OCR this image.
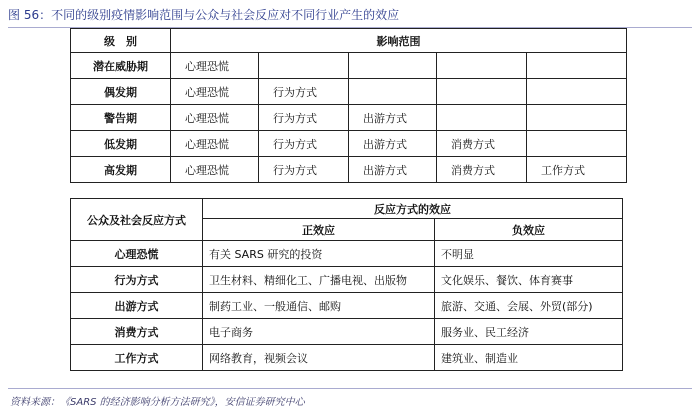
图 56：不同的级别疫情影响范围与公众与社会反应对不同行业产生的效应
级　别	影响范围				
潜在威胁期	心理恐慌				
偶发期	心理恐慌	行为方式			
警告期	心理恐慌	行为方式	出游方式		
低发期	心理恐慌	行为方式	出游方式	消费方式	
高发期	心理恐慌	行为方式	出游方式	消费方式	工作方式
公众及社会反应方式	反应方式的效应	
	正效应	负效应
心理恐慌	有关 SARS 研究的投资	不明显
行为方式	卫生材料、精细化工、广播电视、出版物	文化娱乐、餐饮、体育赛事
出游方式	制药工业、一般通信、邮购	旅游、交通、会展、外贸(部分)
消费方式	电子商务	服务业、民工经济
工作方式	网络教育，视频会议	建筑业、制造业
资料来源：《SARS 的经济影响分析方法研究》，安信证券研究中心
